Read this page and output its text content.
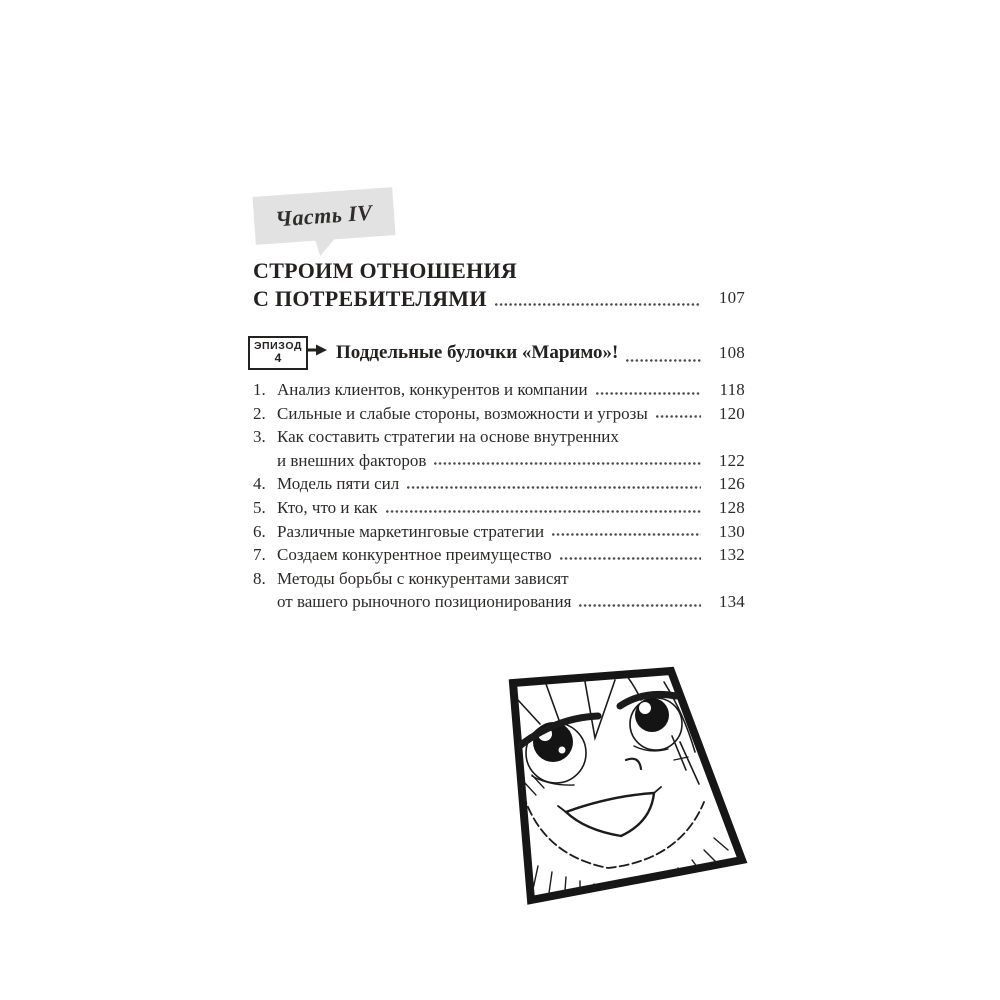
Часть IV
СТРОИМ ОТНОШЕНИЯ
С ПОТРЕБИТЕЛЯМИ	107
ЭПИЗОД
4	Поддельные булочки «Маримо»!	108
1. Анализ клиентов, конкурентов и компании	118
2. Сильные и слабые стороны, возможности и угрозы	120
3. Как составить стратегии на основе внутренних
и внешних факторов	122
4. Модель пяти сил	126
5. Кто, что и как	128
6. Различные маркетинговые стратегии	130
7. Создаем конкурентное преимущество	132
8. Методы борьбы с конкурентами зависят
от вашего рыночного позиционирования	134
